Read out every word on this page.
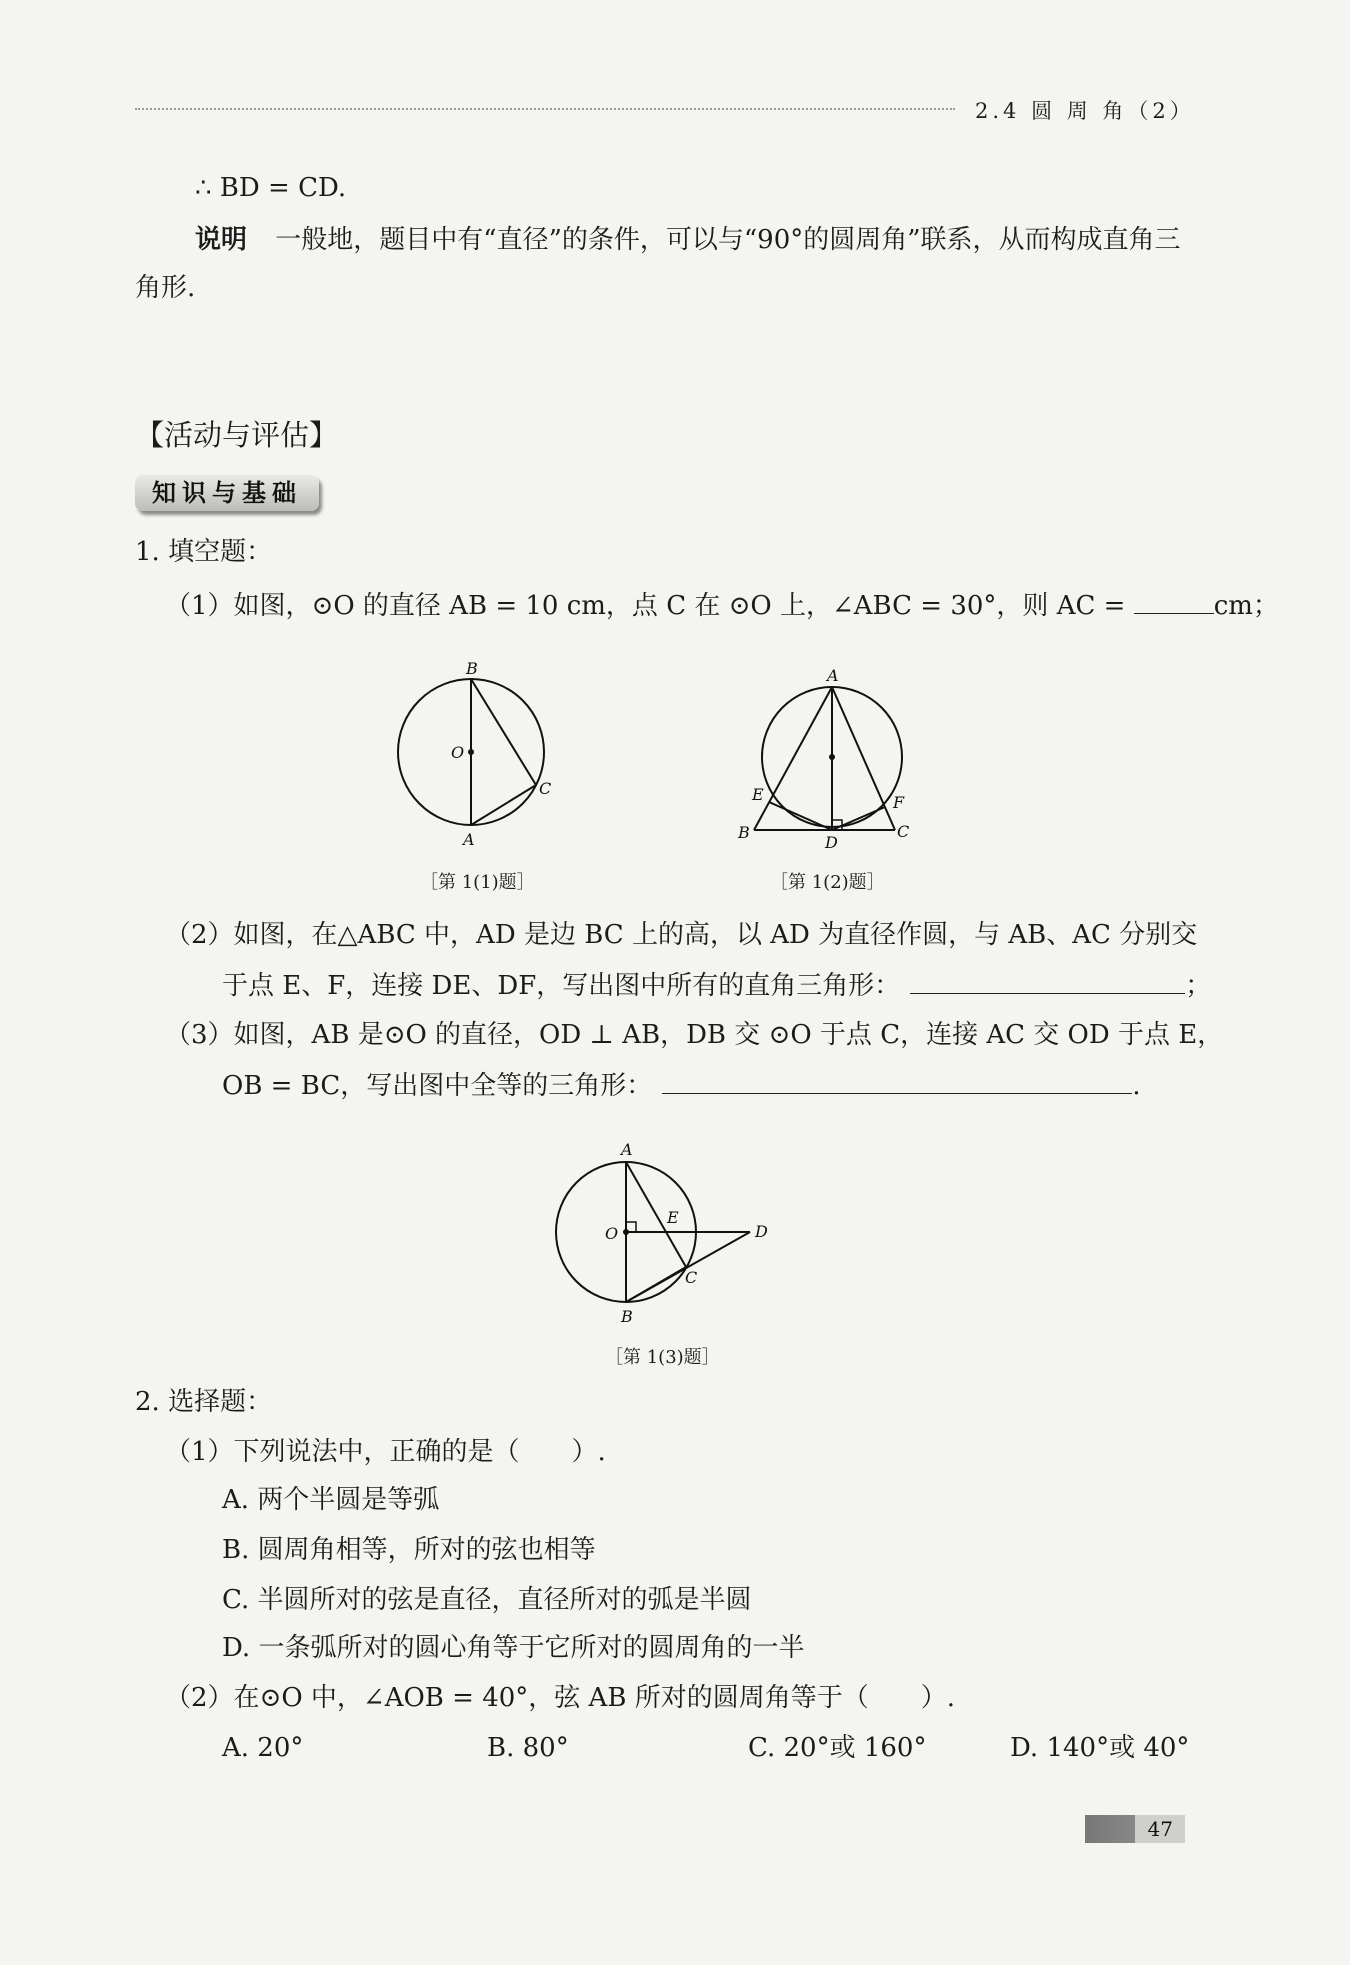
2.4 圆 周 角（2）
∴ BD = CD.
说明 一般地，题目中有“直径”的条件，可以与“90°的圆周角”联系，从而构成直角三
角形.
【活动与评估】
知识与基础
1. 填空题：
（1）如图，⊙O 的直径 AB = 10 cm，点 C 在 ⊙O 上，∠ABC = 30°，则 AC =	cm；
B
O
C
A
［第 1(1)题］
A
E	F
B
D
C
［第 1(2)题］
（2）如图，在△ABC 中，AD 是边 BC 上的高，以 AD 为直径作圆，与 AB、AC 分别交
于点 E、F，连接 DE、DF，写出图中所有的直角三角形：	；
（3）如图，AB 是⊙O 的直径，OD ⊥ AB，DB 交 ⊙O 于点 C，连接 AC 交 OD 于点 E，
OB = BC，写出图中全等的三角形：	.
A
O
E
D
C
B
［第 1(3)题］
2. 选择题：
（1）下列说法中，正确的是（　　）.
A. 两个半圆是等弧
B. 圆周角相等，所对的弦也相等
C. 半圆所对的弦是直径，直径所对的弧是半圆
D. 一条弧所对的圆心角等于它所对的圆周角的一半
（2）在⊙O 中，∠AOB = 40°，弦 AB 所对的圆周角等于（　　）.
A. 20°	B. 80°	C. 20°或 160°	D. 140°或 40°
47
